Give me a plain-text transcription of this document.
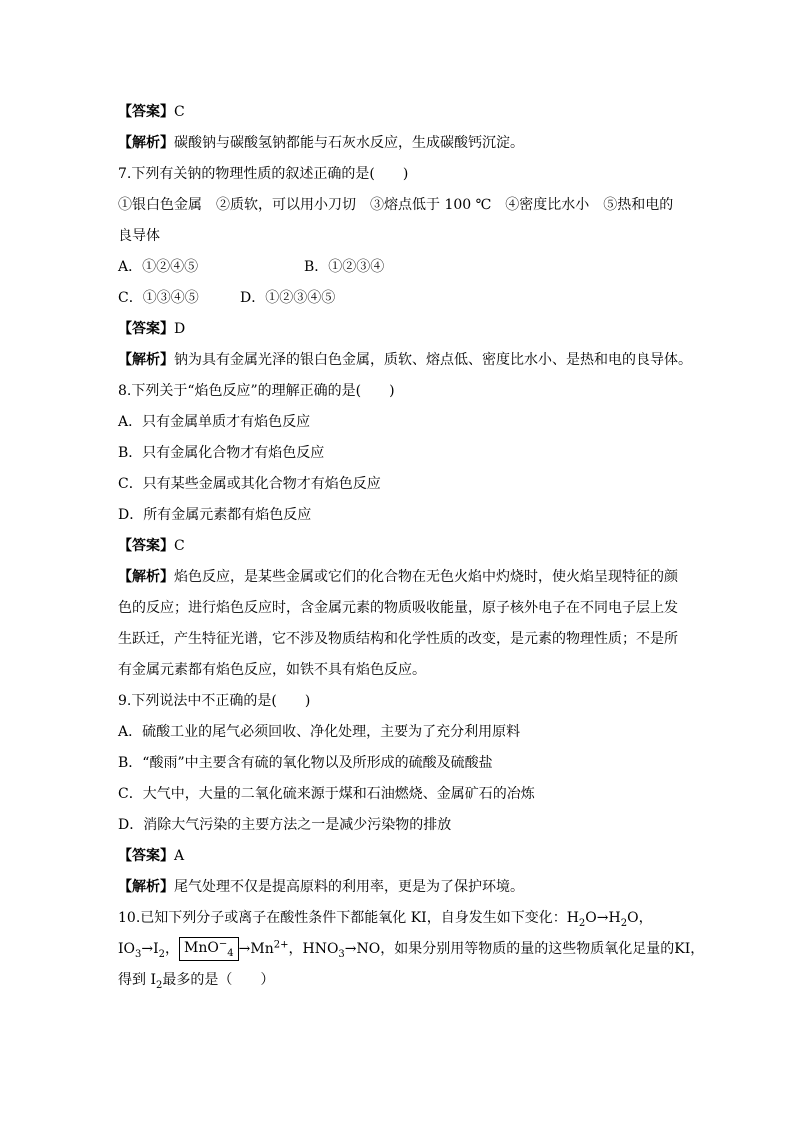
【答案】C
【解析】碳酸钠与碳酸氢钠都能与石灰水反应，生成碳酸钙沉淀。
7.下列有关钠的物理性质的叙述正确的是(　　)
①银白色金属　②质软，可以用小刀切　③熔点低于 100 ℃　④密度比水小　⑤热和电的
良导体
A．①②④⑤	B．①②③④
C．①③④⑤	D．①②③④⑤
【答案】D
【解析】钠为具有金属光泽的银白色金属，质软、熔点低、密度比水小、是热和电的良导体。
8.下列关于“焰色反应”的理解正确的是(　　)
A．只有金属单质才有焰色反应
B．只有金属化合物才有焰色反应
C．只有某些金属或其化合物才有焰色反应
D．所有金属元素都有焰色反应
【答案】C
【解析】焰色反应，是某些金属或它们的化合物在无色火焰中灼烧时，使火焰呈现特征的颜
色的反应；进行焰色反应时，含金属元素的物质吸收能量，原子核外电子在不同电子层上发
生跃迁，产生特征光谱，它不涉及物质结构和化学性质的改变，是元素的物理性质；不是所
有金属元素都有焰色反应，如铁不具有焰色反应。
9.下列说法中不正确的是(　　)
A．硫酸工业的尾气必须回收、净化处理，主要为了充分利用原料
B．“酸雨”中主要含有硫的氧化物以及所形成的硫酸及硫酸盐
C．大气中，大量的二氧化硫来源于煤和石油燃烧、金属矿石的冶炼
D．消除大气污染的主要方法之一是减少污染物的排放
【答案】A
【解析】尾气处理不仅是提高原料的利用率，更是为了保护环境。
10.已知下列分子或离子在酸性条件下都能氧化 KI，自身发生如下变化：$H_2O\to H_2O$，
$IO_3\to I_2$， $MnO^-_4 \to Mn^{2+}$，$HNO_3\to NO$，如果分别用等物质的量的这些物质氧化足量的KI，
得到 $I_2$最多的是（　　）
